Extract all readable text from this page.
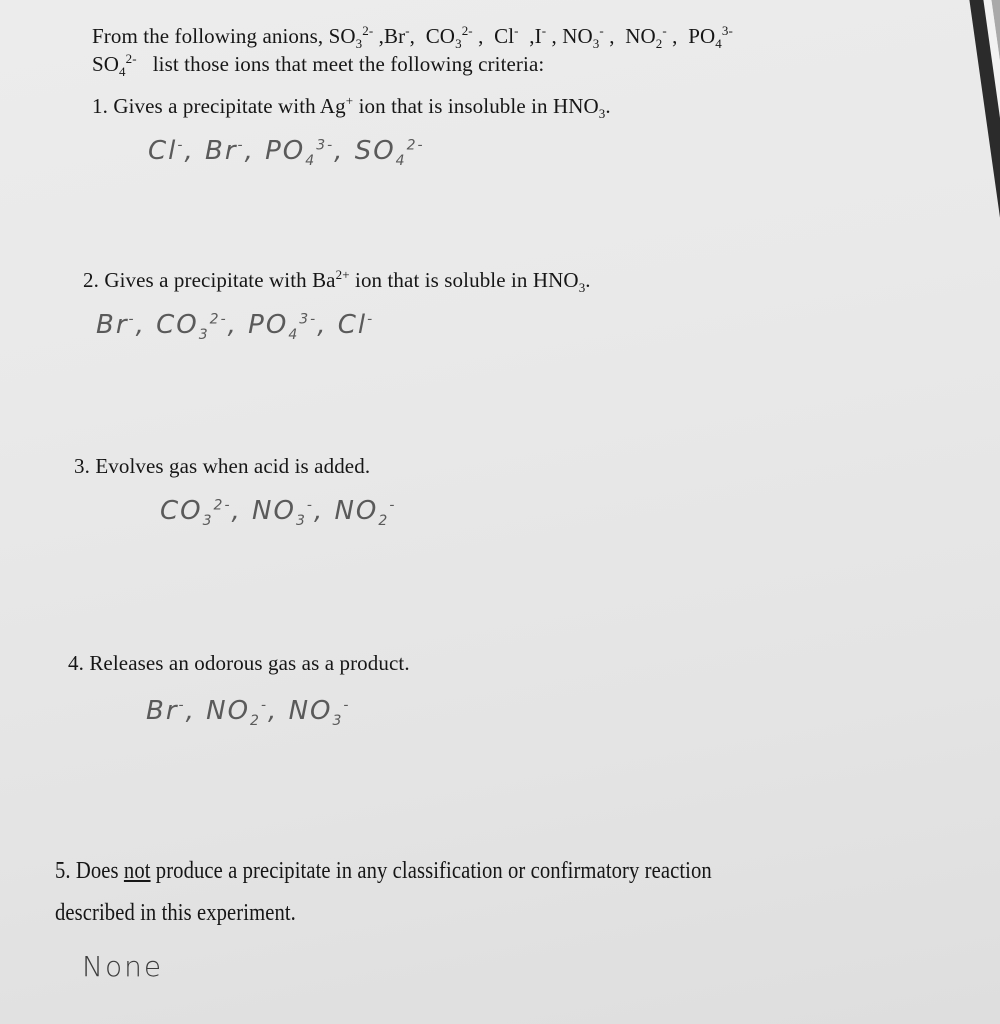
From the following anions, $SO_3^{2-}$ ,Br-,  $CO_3^{2-}$ ,  Cl-  ,I- , $NO_3^-$ ,  $NO_2^-$ ,  $PO_4^{3-}$
$SO_4^{2-}$ list those ions that meet the following criteria:
1. Gives a precipitate with Ag+ ion that is insoluble in $HNO_3$.
Cl-, Br-, $PO_4^{3-}$, $SO_4^{2-}$
2. Gives a precipitate with $Ba^{2+}$ ion that is soluble in $HNO_3$.
Br-, $CO_3^{2-}$, $PO_4^{3-}$, Cl-
3. Evolves gas when acid is added.
$CO_3^{2-}$, $NO_3^-$, $NO_2^-$
4. Releases an odorous gas as a product.
Br-, $NO_2^-$, $NO_3^-$
5. Does not produce a precipitate in any classification or confirmatory reaction
described in this experiment.
None
